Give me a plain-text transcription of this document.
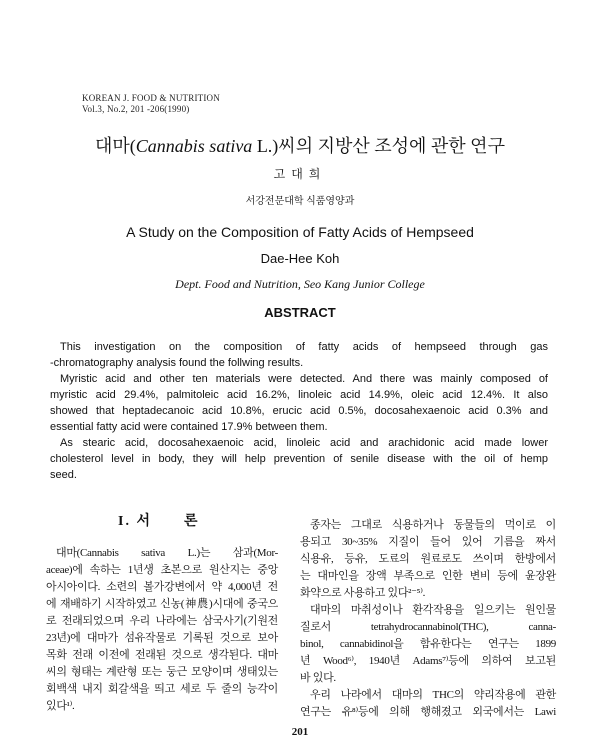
KOREAN J. FOOD & NUTRITION
Vol.3, No.2, 201 -206(1990)
대마(Cannabis sativa L.)씨의 지방산 조성에 관한 연구
고대희
서강전문대학 식품영양과
A Study on the Composition of Fatty Acids of Hempseed
Dae-Hee Koh
Dept. Food and Nutrition, Seo Kang Junior College
ABSTRACT
This investigation on the composition of fatty acids of hempseed through gas
-chromatography analysis found the follwing results.
Myristic acid and other ten materials were detected. And there was mainly composed of
myristic acid 29.4%, palmitoleic acid 16.2%, linoleic acid 14.9%, oleic acid 12.4%. It also
showed that heptadecanoic acid 10.8%, erucic acid 0.5%, docosahexaenoic acid 0.3% and
essential fatty acid were contained 17.9% between them.
As stearic acid, docosahexaenoic acid, linoleic acid and arachidonic acid made lower
cholesterol level in body, they will help prevention of senile disease with the oil of hemp
seed.
I. 서　　론
대마(Cannabis sativa L.)는 삼과(Mor-
aceae)에 속하는 1년생 초본으로 원산지는 중앙
아시아이다. 소련의 볼가강변에서 약 4,000년 전
에 재배하기 시작하였고 신농(神農)시대에 중국으
로 전래되었으며 우리 나라에는 삼국사기(기원전
23년)에 대마가 섬유작물로 기록된 것으로 보아
목화 전래 이전에 전래된 것으로 생각된다. 대마
씨의 형태는 계란형 또는 둥근 모양이며 생태있는
회백색 내지 회갈색을 띄고 세로 두 줄의 능각이
있다¹⁾.
종자는 그대로 식용하거나 동물들의 먹이로 이
용되고 30~35% 지질이 들어 있어 기름을 짜서
식용유, 등유, 도료의 원료로도 쓰이며 한방에서
는 대마인을 장액 부족으로 인한 변비 등에 윤장완
화약으로 사용하고 있다²⁻⁵⁾.
대마의 마취성이나 환각작용을 일으키는 원인물
질로서 tetrahydrocannabinol(THC), canna-
binol, cannabidinol을 함유한다는 연구는 1899
년 Wood⁶⁾, 1940년 Adams⁷⁾등에 의하여 보고된
바 있다.
우리 나라에서 대마의 THC의 약리작용에 관한
연구는 유⁸⁾등에 의해 행해졌고 외국에서는 Lawi
201
